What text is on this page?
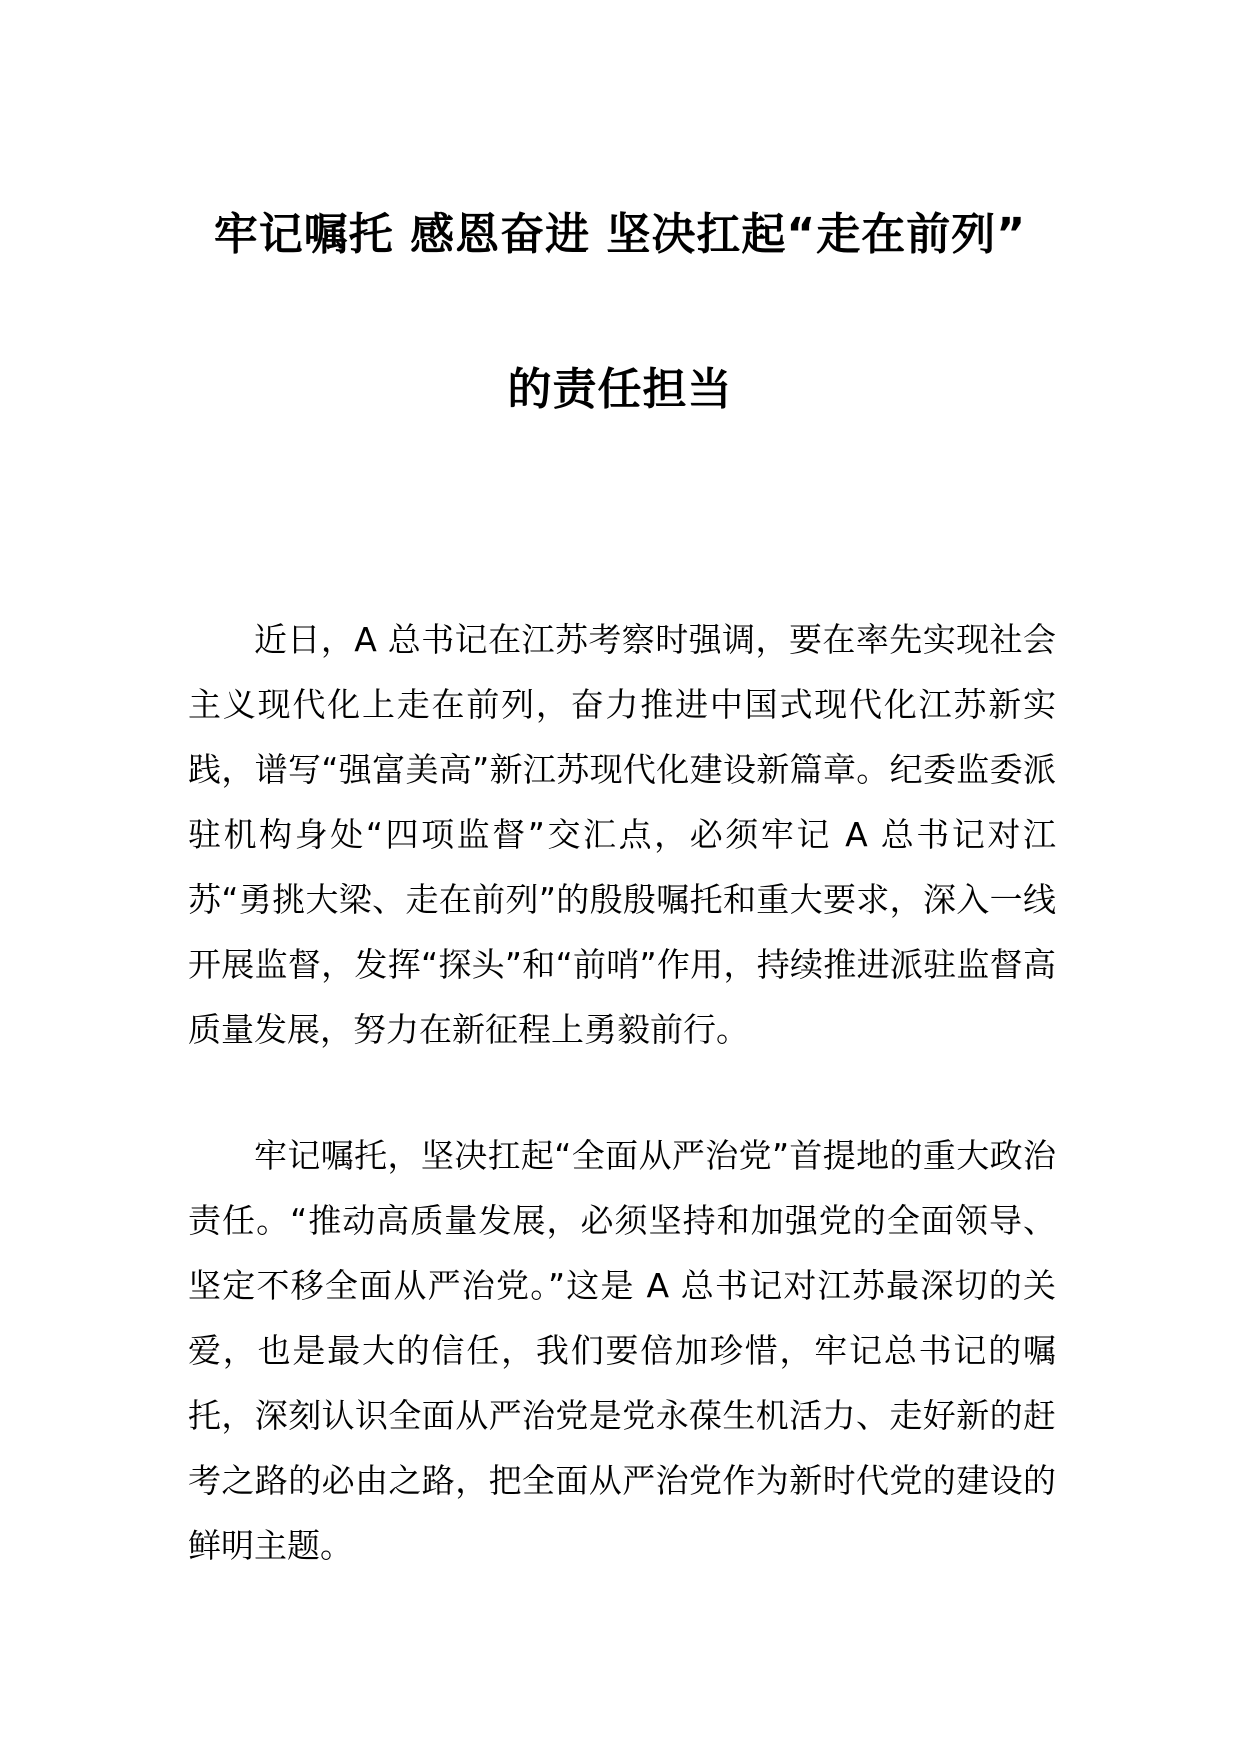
牢记嘱托 感恩奋进 坚决扛起“走在前列”
的责任担当

近日，A 总书记在江苏考察时强调，要在率先实现社会主义现代化上走在前列，奋力推进中国式现代化江苏新实践，谱写“强富美高”新江苏现代化建设新篇章。纪委监委派驻机构身处“四项监督”交汇点，必须牢记 A 总书记对江苏“勇挑大梁、走在前列”的殷殷嘱托和重大要求，深入一线开展监督，发挥“探头”和“前哨”作用，持续推进派驻监督高质量发展，努力在新征程上勇毅前行。

牢记嘱托，坚决扛起“全面从严治党”首提地的重大政治责任。“推动高质量发展，必须坚持和加强党的全面领导、坚定不移全面从严治党。”这是 A 总书记对江苏最深切的关爱，也是最大的信任，我们要倍加珍惜，牢记总书记的嘱托，深刻认识全面从严治党是党永葆生机活力、走好新的赶考之路的必由之路，把全面从严治党作为新时代党的建设的鲜明主题。
